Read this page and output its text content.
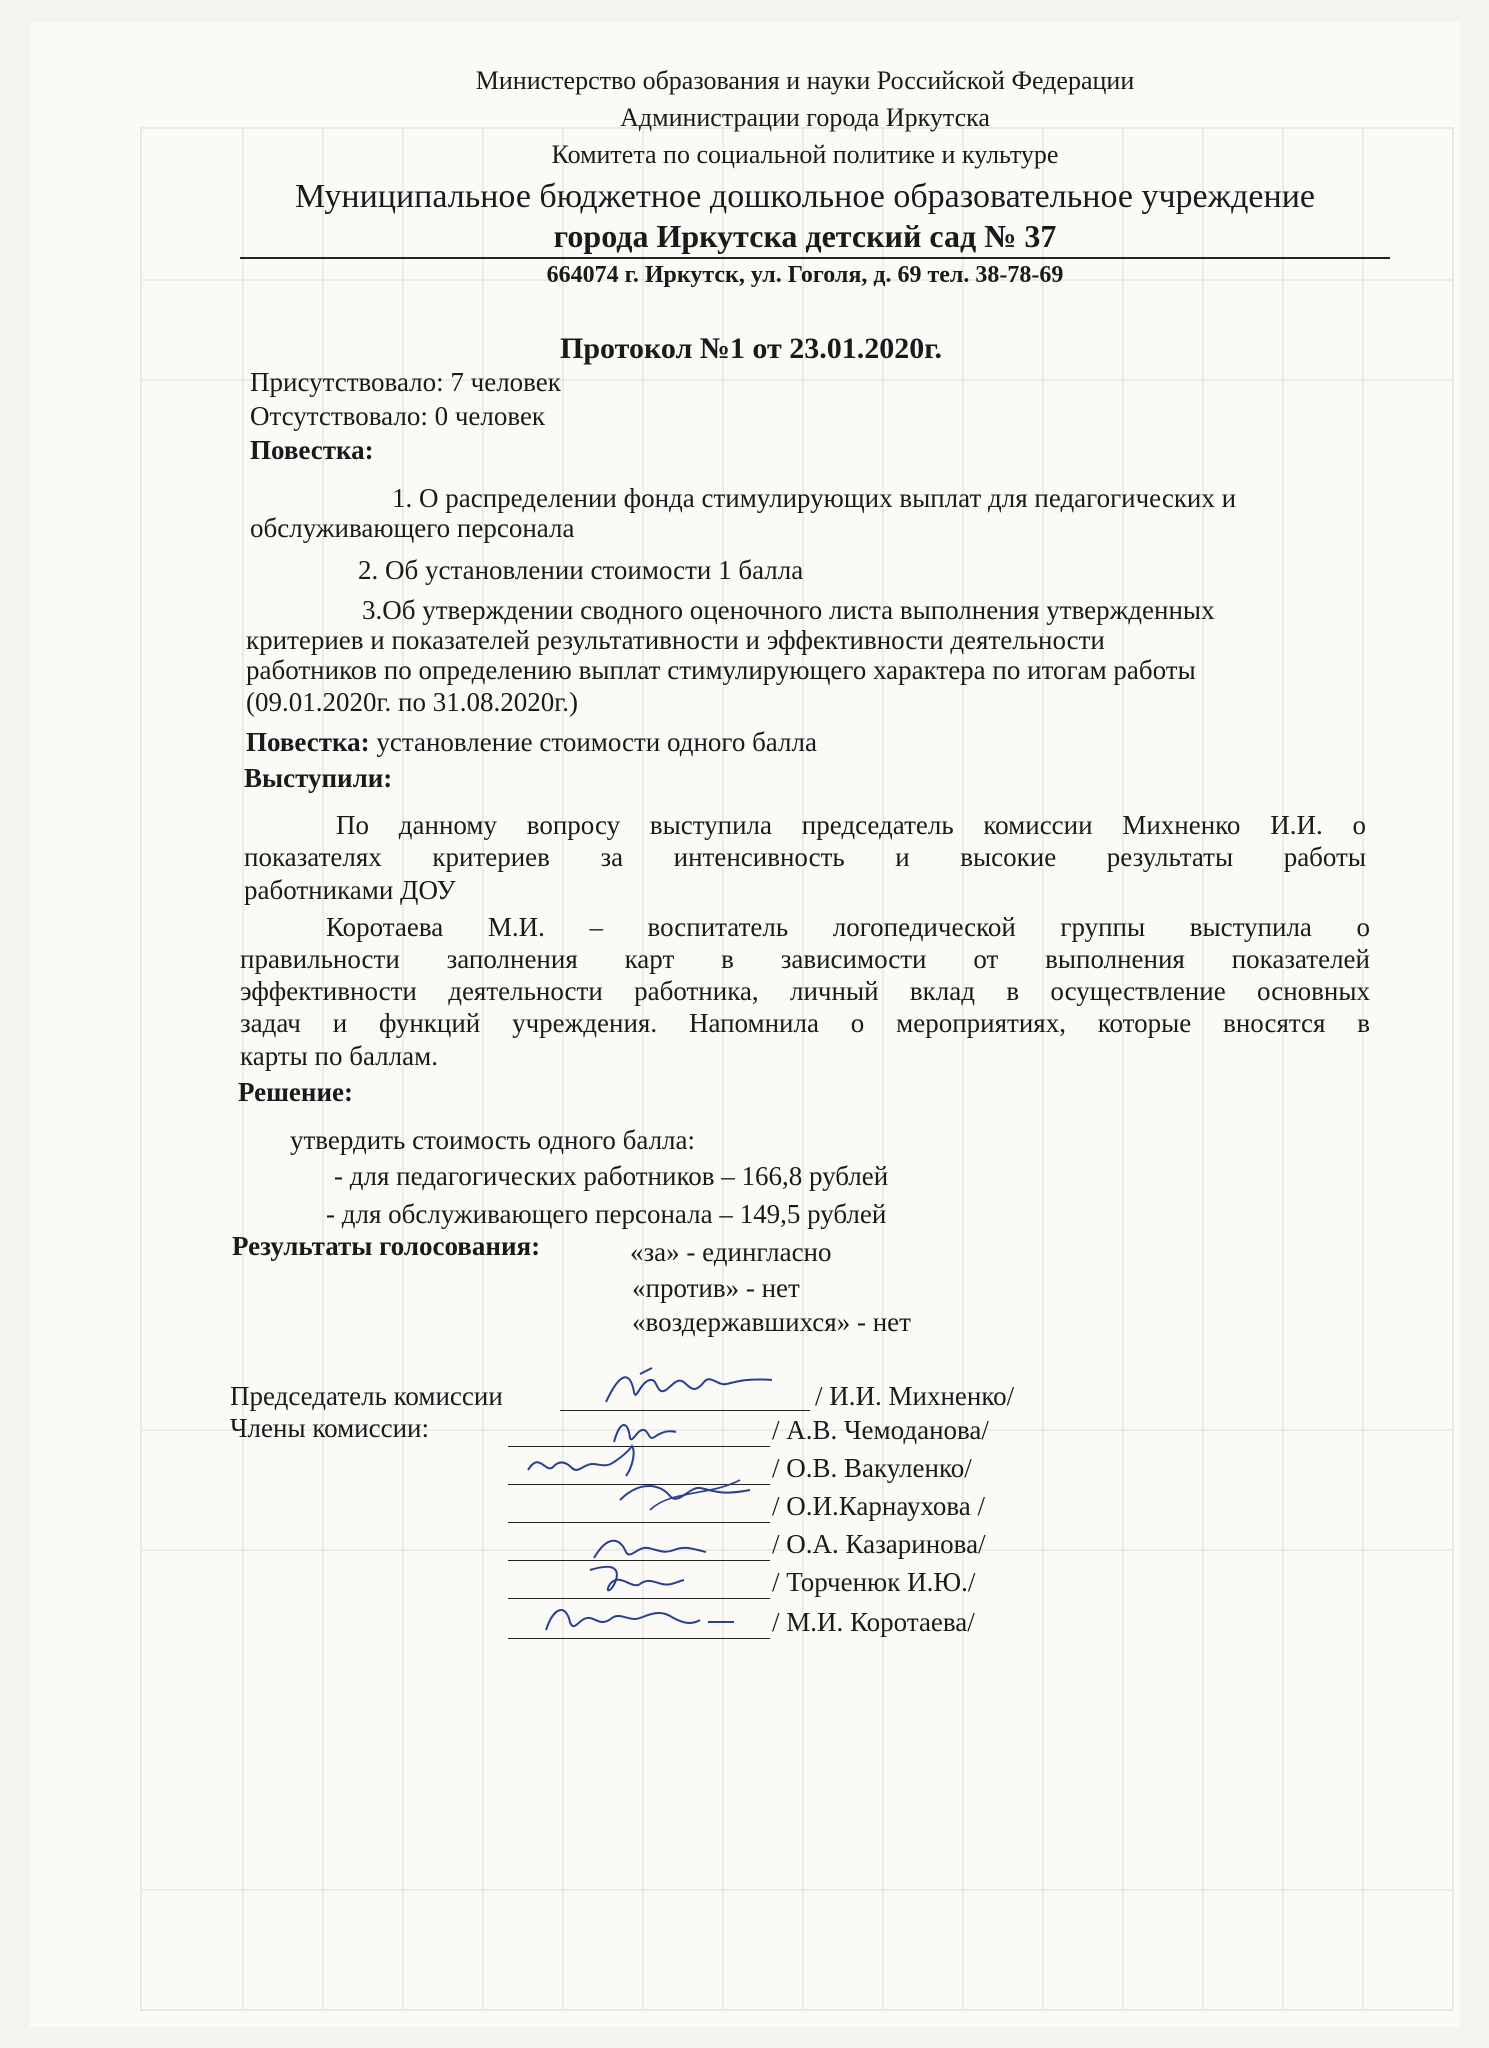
Министерство образования и науки Российской Федерации
Администрации города Иркутска
Комитета по социальной политике и культуре
Муниципальное бюджетное дошкольное образовательное учреждение
города Иркутска детский сад № 37
664074 г. Иркутск, ул. Гоголя, д. 69 тел. 38-78-69
Протокол №1 от 23.01.2020г.
Присутствовало: 7 человек
Отсутствовало: 0 человек
Повестка:
1. О распределении фонда стимулирующих выплат для педагогических и
обслуживающего персонала
2. Об установлении стоимости 1 балла
3.Об утверждении сводного оценочного листа выполнения утвержденных
критериев и показателей результативности и эффективности деятельности
работников по определению выплат стимулирующего характера по итогам работы
(09.01.2020г. по 31.08.2020г.)
Повестка: установление стоимости одного балла
Выступили:
По данному вопросу выступила председатель комиссии Михненко И.И. о
показателях критериев за интенсивность и высокие результаты работы
работниками ДОУ
Коротаева М.И. – воспитатель логопедической группы выступила о
правильности заполнения карт в зависимости от выполнения показателей
эффективности деятельности работника, личный вклад в осуществление основных
задач и функций учреждения. Напомнила о мероприятиях, которые вносятся в
карты по баллам.
Решение:
утвердить стоимость одного балла:
- для педагогических работников – 166,8 рублей
- для обслуживающего персонала – 149,5 рублей
Результаты голосования:	«за» - едингласно
«против» - нет
«воздержавшихся» - нет
Председатель комиссии
Члены комиссии:
/ И.И. Михненко/
/ А.В. Чемоданова/
/ О.В. Вакуленко/
/ О.И.Карнаухова /
/ О.А. Казаринова/
/ Торченюк И.Ю./
/ М.И. Коротаева/
